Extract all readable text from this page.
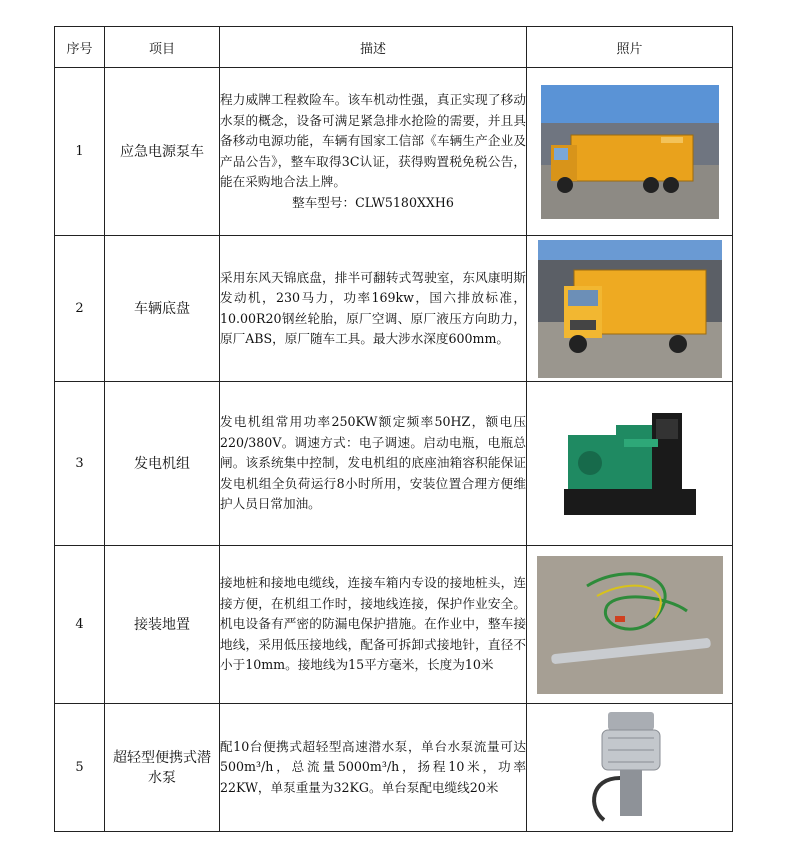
序号	项目	描述	照片
1	应急电源泵车	程力威牌工程救险车。该车机动性强，真正实现了移动水泵的概念，设备可满足紧急排水抢险的需要，并且具备移动电源功能，车辆有国家工信部《车辆生产企业及产品公告》，整车取得3C认证，获得购置税免税公告，能在采购地合法上牌。

整车型号：CLW5180XXH6

2	车辆底盘	采用东风天锦底盘，排半可翻转式驾驶室，东风康明斯发动机，230马力，功率169kw，国六排放标准，10.00R20钢丝轮胎，原厂空调、原厂液压方向助力，原厂ABS，原厂随车工具。最大涉水深度600mm。

3	发电机组	发电机组常用功率250KW额定频率50HZ，额电压220/380V。调速方式：电子调速。启动电瓶，电瓶总闸。该系统集中控制，发电机组的底座油箱容积能保证发电机组全负荷运行8小时所用，安装位置合理方便维护人员日常加油。

4	接装地置	接地桩和接地电缆线，连接车箱内专设的接地桩头，连接方便，在机组工作时，接地线连接，保护作业安全。机电设备有严密的防漏电保护措施。在作业中，整车接地线，采用低压接地线，配备可拆卸式接地针，直径不小于10mm。接地线为15平方毫米，长度为10米

5	超轻型便携式潜水泵	配10台便携式超轻型高速潜水泵，单台水泵流量可达500m³/h，总流量5000m³/h，扬程10米，功率22KW，单泵重量为32KG。单台泵配电缆线20米
